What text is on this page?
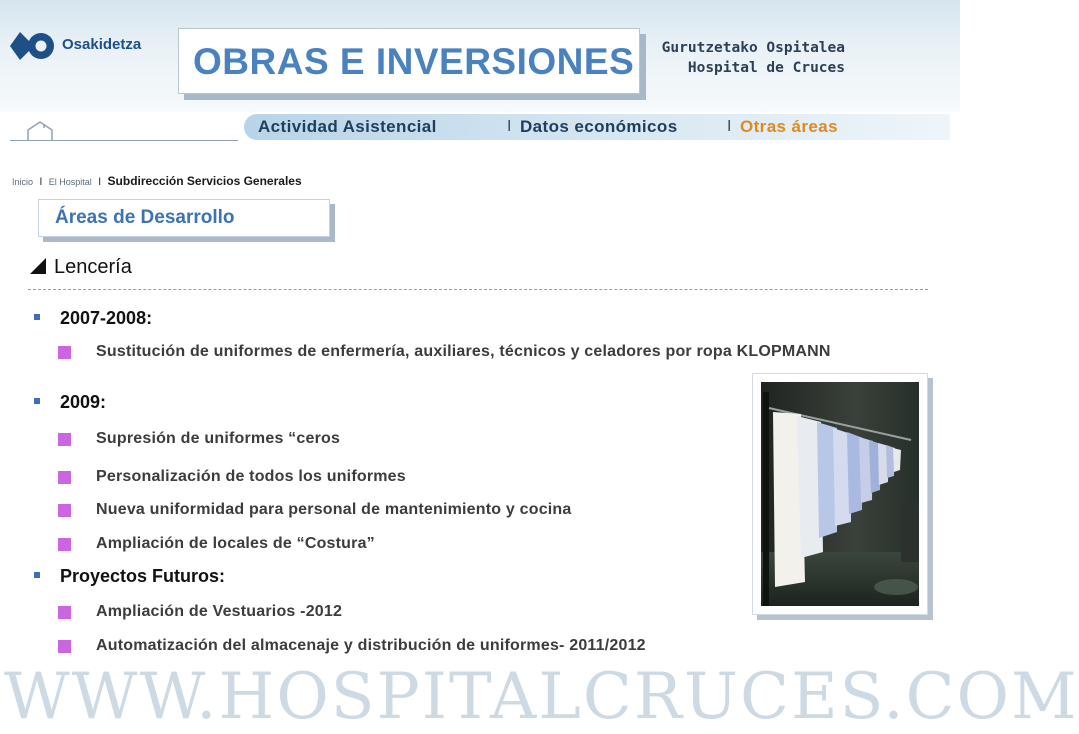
Osakidetza OBRAS E INVERSIONES	Gurutzetako Ospitalea
Hospital de Cruces
Actividad Asistencial	I Datos económicos	I Otras áreas
Inicio I El Hospital I Subdirección Servicios Generales
Áreas de Desarrollo
Lencería
2007-2008:
Sustitución de uniformes de enfermería, auxiliares, técnicos y celadores por ropa KLOPMANN
2009:
Supresión de uniformes “ceros
Personalización de todos los uniformes
Nueva uniformidad para personal de mantenimiento y cocina
Ampliación de locales de “Costura”
Proyectos Futuros:
Ampliación de Vestuarios -2012
Automatización del almacenaje y distribución de uniformes- 2011/2012
WWW.HOSPITALCRUCES.COM
